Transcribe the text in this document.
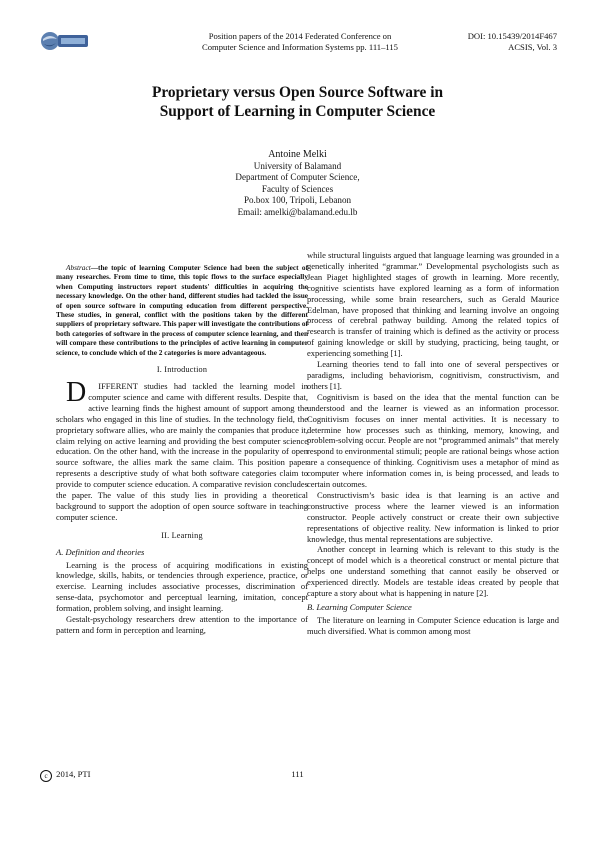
Position papers of the 2014 Federated Conference on
Computer Science and Information Systems pp. 111–115
DOI: 10.15439/2014F467
ACSIS, Vol. 3
Proprietary versus Open Source Software in
Support of Learning in Computer Science
Antoine Melki
University of Balamand
Department of Computer Science,
Faculty of Sciences
Po.box 100, Tripoli, Lebanon
Email: amelki@balamand.edu.lb

Abstract—the topic of learning Computer Science had been the subject of many researches. From time to time, this topic flows to the surface especially when Computing instructors report students' difficulties in acquiring the necessary knowledge. On the other hand, different studies had tackled the issue of open source software in computing education from different perspective. These studies, in general, conflict with the positions taken by the different suppliers of proprietary software. This paper will investigate the contributions of both categories of software in the process of computer science learning, and then will compare these contributions to the principles of active learning in computer science, to conclude which of the 2 categories is more advantageous.

I. Introduction

D IFFERENT studies had tackled the learning model in computer science and came with different results. Despite that, active learning finds the highest amount of support among the scholars who engaged in this line of studies. In the technology field, the proprietary software allies, who are mainly the companies that produce it, claim relying on active learning and providing the best computer science education. On the other hand, with the increase in the popularity of open source software, the allies mark the same claim. This position paper represents a descriptive study of what both software categories claim to provide to computer science education. A comparative revision concludes the paper. The value of this study lies in providing a theoretical background to support the adoption of open source software in teaching computer science.

II. Learning
A. Definition and theories

Learning is the process of acquiring modifications in existing knowledge, skills, habits, or tendencies through experience, practice, or exercise. Learning includes associative processes, discrimination of sense-data, psychomotor and perceptual learning, imitation, concept formation, problem solving, and insight learning.

Gestalt-psychology researchers drew attention to the importance of pattern and form in perception and learning,

while structural linguists argued that language learning was grounded in a genetically inherited “grammar.” Developmental psychologists such as Jean Piaget highlighted stages of growth in learning. More recently, cognitive scientists have explored learning as a form of information processing, while some brain researchers, such as Gerald Maurice Edelman, have proposed that thinking and learning involve an ongoing process of cerebral pathway building. Among the related topics of research is transfer of training which is defined as the activity or process of gaining knowledge or skill by studying, practicing, being taught, or experiencing something [1].

Learning theories tend to fall into one of several perspectives or paradigms, including behaviorism, cognitivism, constructivism, and others [1].

Cognitivism is based on the idea that the mental function can be understood and the learner is viewed as an information processor. Cognitivism focuses on inner mental activities. It is necessary to determine how processes such as thinking, memory, knowing, and problem-solving occur. People are not “programmed animals” that merely respond to environmental stimuli; people are rational beings whose action are a consequence of thinking. Cognitivism uses a metaphor of mind as computer where information comes in, is being processed, and leads to certain outcomes.

Constructivism’s basic idea is that learning is an active and constructive process where the learner viewed is an information constructor. People actively construct or create their own subjective representations of objective reality. New information is linked to prior knowledge, thus mental representations are subjective.

Another concept in learning which is relevant to this study is the concept of model which is a theoretical construct or mental picture that helps one understand something that cannot easily be observed or experienced directly. Models are testable ideas created by people that capture a story about what is happening in nature [2].

B. Learning Computer Science

The literature on learning in Computer Science education is large and much diversified. What is common among most

c 2014, PTI	111
